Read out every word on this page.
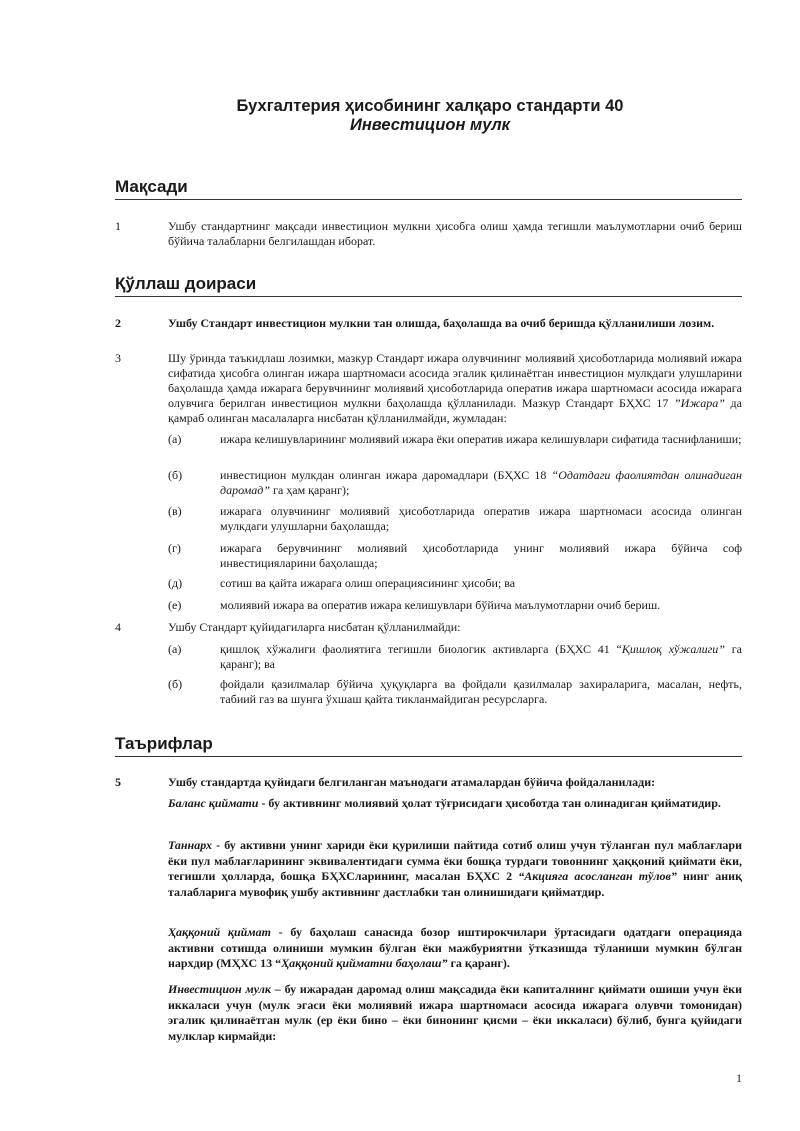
Бухгалтерия ҳисобининг халқаро стандарти 40
Инвестицион мулк
Мақсади
1	Ушбу стандартнинг мақсади инвестицион мулкни ҳисобга олиш ҳамда тегишли маълумотларни очиб бериш бўйича талабларни белгилашдан иборат.
Қўллаш доираси
2	Ушбу Стандарт инвестицион мулкни тан олишда, баҳолашда ва очиб беришда қўлланилиши лозим.
3	Шу ўринда таъкидлаш лозимки, мазкур Стандарт ижара олувчининг молиявий ҳисоботларида молиявий ижара сифатида ҳисобга олинган ижара шартномаси асосида эгалик қилинаётган инвестицион мулкдаги улушларини баҳолашда ҳамда ижарага берувчининг молиявий ҳисоботларида оператив ижара шартномаси асосида ижарага олувчига берилган инвестицион мулкни баҳолашда қўлланилади. Мазкур Стандарт БҲХС 17 ”Ижара” да қамраб олинган масалаларга нисбатан қўлланилмайди, жумладан:
(а)	ижара келишувларининг молиявий ижара ёки оператив ижара келишувлари сифатида таснифланиши;
(б)	инвестицион мулкдан олинган ижара даромадлари (БҲХС 18 “Одатдаги фаолиятдан олинадиган даромад” га ҳам қаранг);
(в)	ижарага олувчининг молиявий ҳисоботларида оператив ижара шартномаси асосида олинган мулкдаги улушларни баҳолашда;
(г)	ижарага берувчининг молиявий ҳисоботларида унинг молиявий ижара бўйича соф инвестицияларини баҳолашда;
(д)	сотиш ва қайта ижарага олиш операциясининг ҳисоби; ва
(е)	молиявий ижара ва оператив ижара келишувлари бўйича маълумотларни очиб бериш.
4	Ушбу Стандарт қуйидагиларга нисбатан қўлланилмайди:
(а)	қишлоқ хўжалиги фаолиятига тегишли биологик активларга (БҲХС 41 “Қишлоқ хўжалиги” га қаранг); ва
(б)	фойдали қазилмалар бўйича ҳуқуқларга ва фойдали қазилмалар захираларига, масалан, нефть, табиий газ ва шунга ўхшаш қайта тикланмайдиган ресурсларга.
Таърифлар
5	Ушбу стандартда қуйидаги белгиланган маънодаги атамалардан бўйича фойдаланилади:
Баланс қиймати - бу активнинг молиявий ҳолат тўғрисидаги ҳисоботда тан олинадиган қийматидир.
Таннарх - бу активни унинг хариди ёки қурилиши пайтида сотиб олиш учун тўланган пул маблағлари ёки пул маблағларининг эквивалентидаги сумма ёки бошқа турдаги товоннинг ҳаққоний қиймати ёки, тегишли ҳолларда, бошқа БҲХСларининг, масалан БҲХС 2 “Акцияга асосланган тўлов” нинг аниқ талабларига мувофиқ ушбу активнинг дастлабки тан олинишидаги қийматдир.
Ҳаққоний қиймат - бу баҳолаш санасида бозор иштирокчилари ўртасидаги одатдаги операцияда активни сотишда олиниши мумкин бўлган ёки мажбуриятни ўтказишда тўланиши мумкин бўлган нархдир (МҲХС 13 “Ҳаққоний қийматни баҳолаш” га қаранг).
Инвестицион мулк – бу ижарадан даромад олиш мақсадида ёки капиталнинг қиймати ошиши учун ёки иккаласи учун (мулк эгаси ёки молиявий ижара шартномаси асосида ижарага олувчи томонидан) эгалик қилинаётган мулк (ер ёки бино – ёки бинонинг қисми – ёки иккаласи) бўлиб, бунга қуйидаги мулклар кирмайди:
1
